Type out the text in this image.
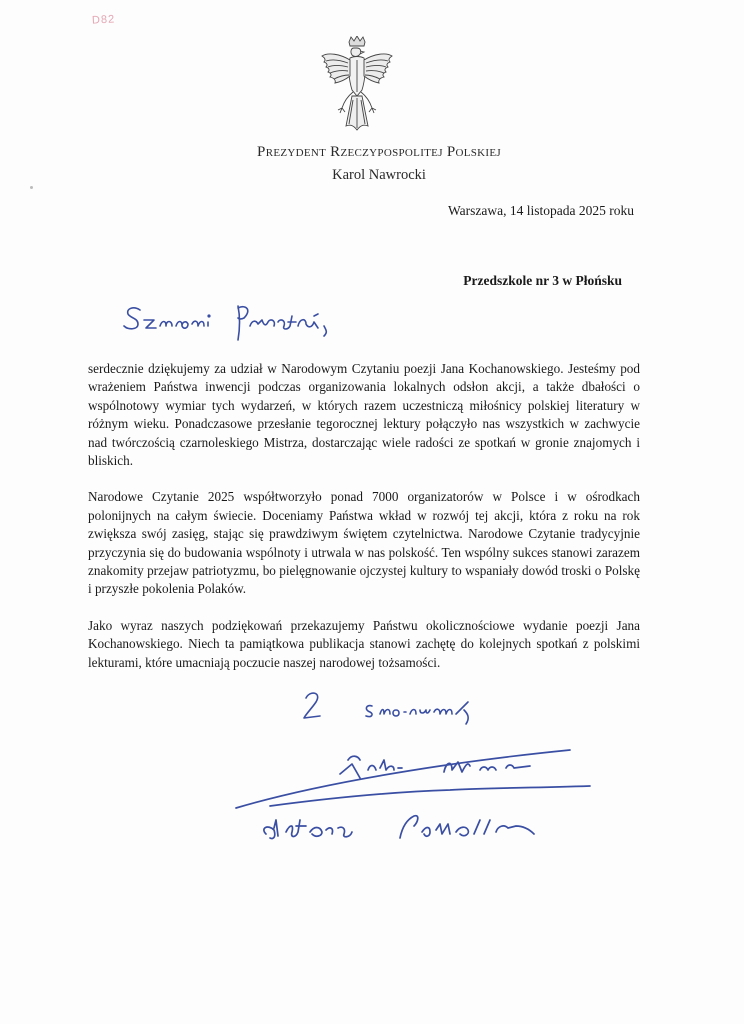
D82
Prezydent Rzeczypospolitej Polskiej
Karol Nawrocki
Warszawa, 14 listopada 2025 roku
Przedszkole nr 3 w Płońsku

serdecznie dziękujemy za udział w Narodowym Czytaniu poezji Jana Kochanowskiego. Jesteśmy pod wrażeniem Państwa inwencji podczas organizowania lokalnych odsłon akcji, a także dbałości o wspólnotowy wymiar tych wydarzeń, w których razem uczestniczą miłośnicy polskiej literatury w różnym wieku. Ponadczasowe przesłanie tegorocznej lektury połączyło nas wszystkich w zachwycie nad twórczością czarnoleskiego Mistrza, dostarczając wiele radości ze spotkań w gronie znajomych i bliskich.

Narodowe Czytanie 2025 współtworzyło ponad 7000 organizatorów w Polsce i w ośrodkach polonijnych na całym świecie. Doceniamy Państwa wkład w rozwój tej akcji, która z roku na rok zwiększa swój zasięg, stając się prawdziwym świętem czytelnictwa. Narodowe Czytanie tradycyjnie przyczynia się do budowania wspólnoty i utrwala w nas polskość. Ten wspólny sukces stanowi zarazem znakomity przejaw patriotyzmu, bo pielęgnowanie ojczystej kultury to wspaniały dowód troski o Polskę i przyszłe pokolenia Polaków.

Jako wyraz naszych podziękowań przekazujemy Państwu okolicznościowe wydanie poezji Jana Kochanowskiego. Niech ta pamiątkowa publikacja stanowi zachętę do kolejnych spotkań z polskimi lekturami, które umacniają poczucie naszej narodowej tożsamości.
